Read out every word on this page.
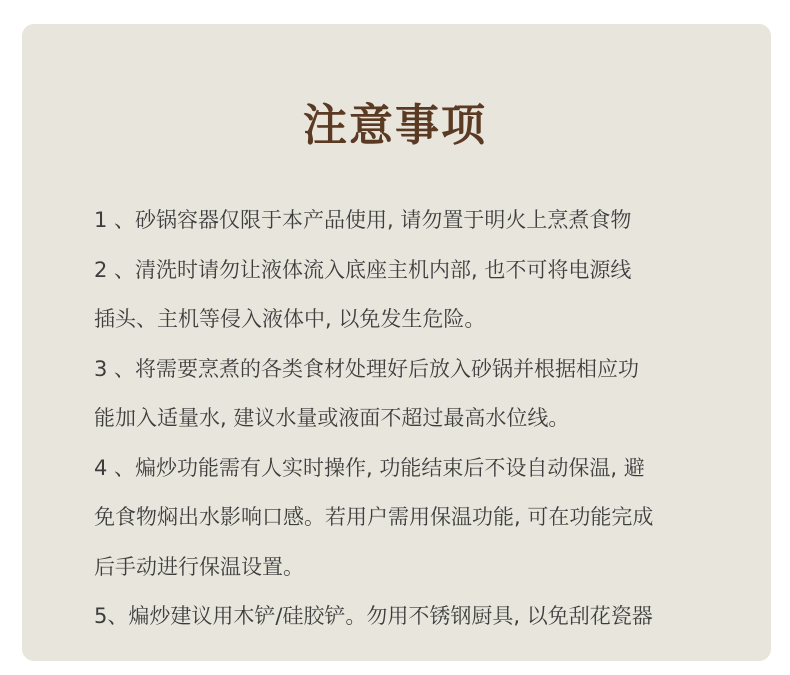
注意事项
1 、砂锅容器仅限于本产品使用, 请勿置于明火上烹煮食物
2 、清洗时请勿让液体流入底座主机内部, 也不可将电源线
插头、主机等侵入液体中, 以免发生危险。
3 、将需要烹煮的各类食材处理好后放入砂锅并根据相应功
能加入适量水, 建议水量或液面不超过最高水位线。
4 、煸炒功能需有人实时操作, 功能结束后不设自动保温, 避
免食物焖出水影响口感。若用户需用保温功能, 可在功能完成
后手动进行保温设置。
5、煸炒建议用木铲/硅胶铲。勿用不锈钢厨具, 以免刮花瓷器
